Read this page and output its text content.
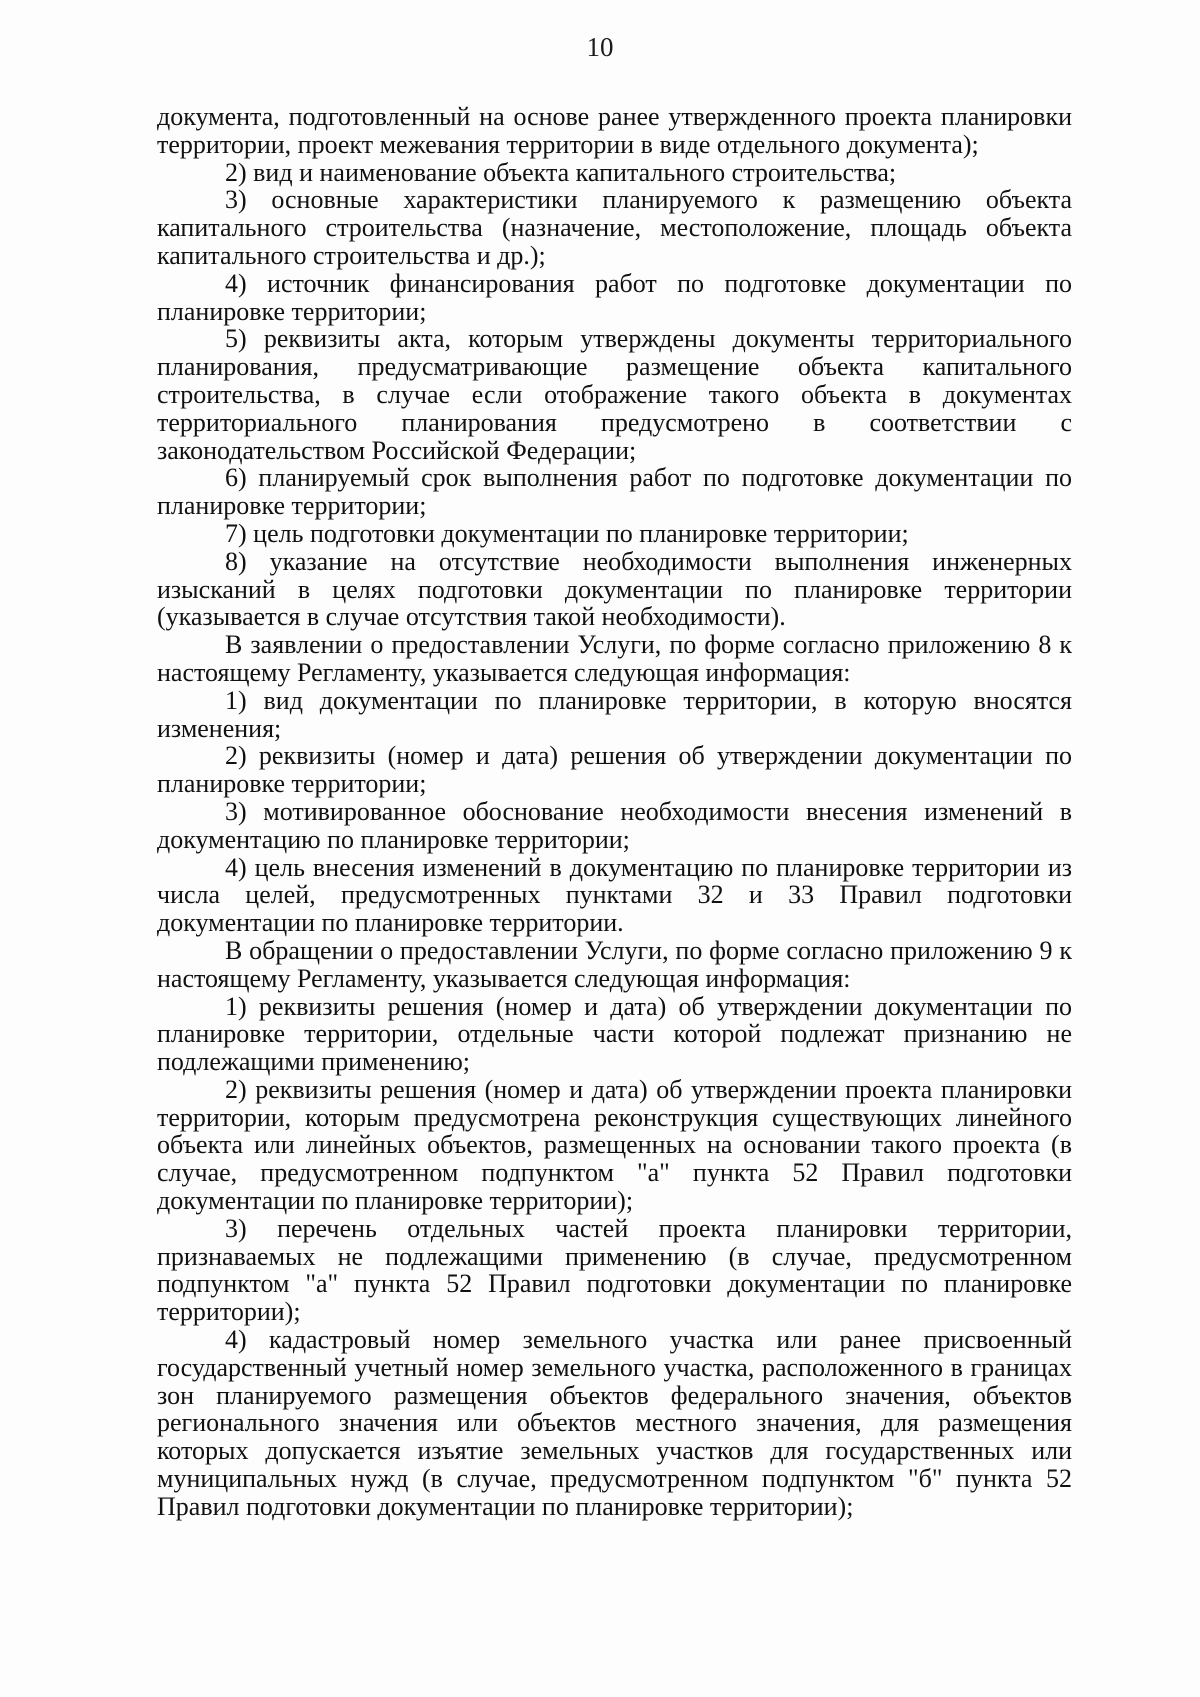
10

документа, подготовленный на основе ранее утвержденного проекта планировки территории, проект межевания территории в виде отдельного документа);

2) вид и наименование объекта капитального строительства;

3) основные характеристики планируемого к размещению объекта капитального строительства (назначение, местоположение, площадь объекта капитального строительства и др.);

4) источник финансирования работ по подготовке документации по планировке территории;

5) реквизиты акта, которым утверждены документы территориального планирования, предусматривающие размещение объекта капитального строительства, в случае если отображение такого объекта в документах территориального планирования предусмотрено в соответствии с законодательством Российской Федерации;

6) планируемый срок выполнения работ по подготовке документации по планировке территории;

7) цель подготовки документации по планировке территории;

8) указание на отсутствие необходимости выполнения инженерных изысканий в целях подготовки документации по планировке территории (указывается в случае отсутствия такой необходимости).

В заявлении о предоставлении Услуги, по форме согласно приложению 8 к настоящему Регламенту, указывается следующая информация:

1) вид документации по планировке территории, в которую вносятся изменения;

2) реквизиты (номер и дата) решения об утверждении документации по планировке территории;

3) мотивированное обоснование необходимости внесения изменений в документацию по планировке территории;

4) цель внесения изменений в документацию по планировке территории из числа целей, предусмотренных пунктами 32 и 33 Правил подготовки документации по планировке территории.

В обращении о предоставлении Услуги, по форме согласно приложению 9 к настоящему Регламенту, указывается следующая информация:

1) реквизиты решения (номер и дата) об утверждении документации по планировке территории, отдельные части которой подлежат признанию не подлежащими применению;

2) реквизиты решения (номер и дата) об утверждении проекта планировки территории, которым предусмотрена реконструкция существующих линейного объекта или линейных объектов, размещенных на основании такого проекта (в случае, предусмотренном подпунктом "а" пункта 52 Правил подготовки документации по планировке территории);

3) перечень отдельных частей проекта планировки территории, признаваемых не подлежащими применению (в случае, предусмотренном подпунктом "а" пункта 52 Правил подготовки документации по планировке территории);

4) кадастровый номер земельного участка или ранее присвоенный государственный учетный номер земельного участка, расположенного в границах зон планируемого размещения объектов федерального значения, объектов регионального значения или объектов местного значения, для размещения которых допускается изъятие земельных участков для государственных или муниципальных нужд (в случае, предусмотренном подпунктом "б" пункта 52 Правил подготовки документации по планировке территории);
